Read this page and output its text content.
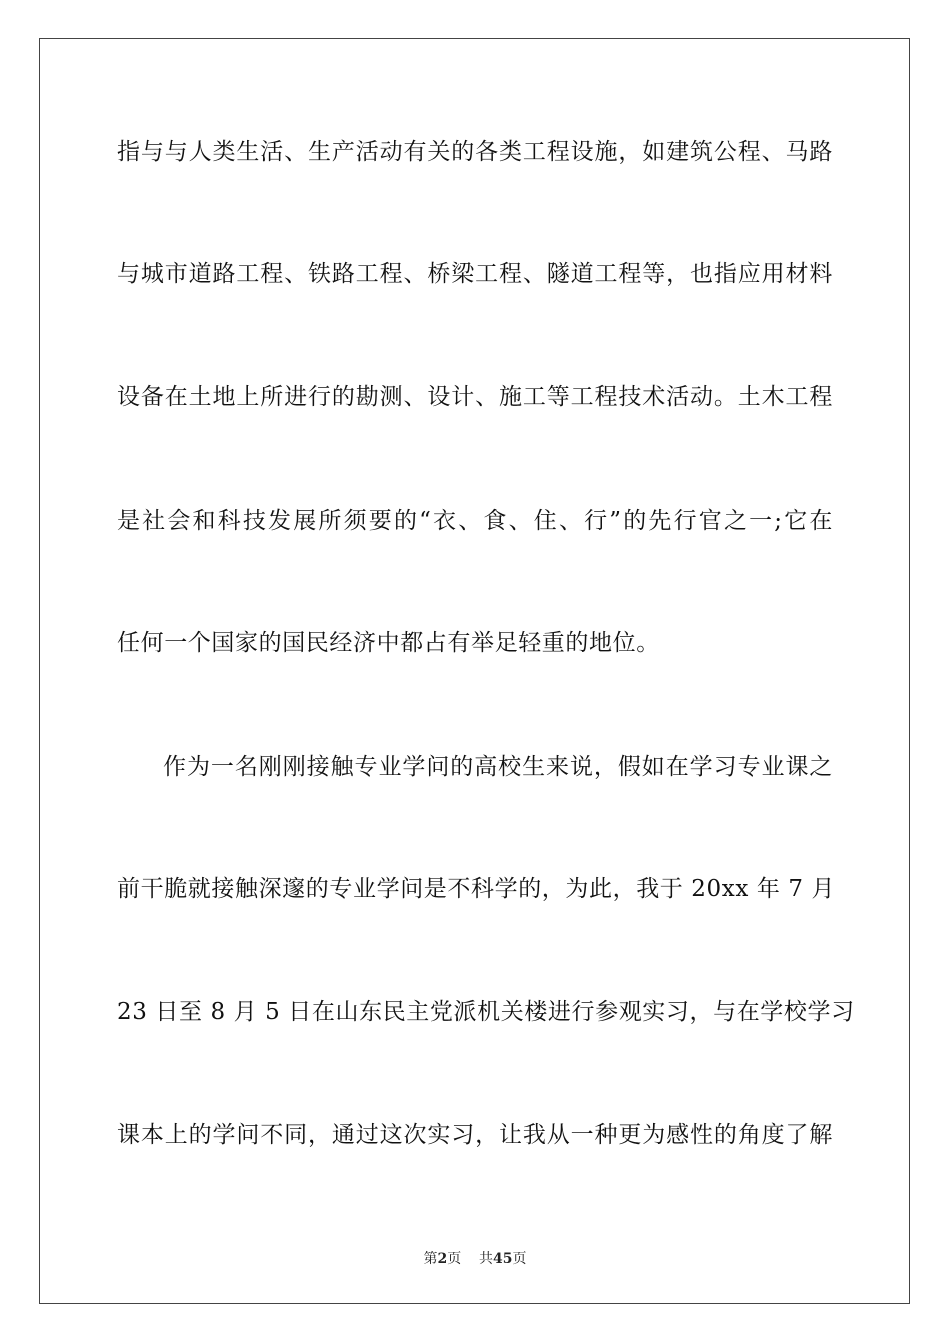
指与与人类生活、生产活动有关的各类工程设施，如建筑公程、马路
与城市道路工程、铁路工程、桥梁工程、隧道工程等，也指应用材料
设备在土地上所进行的勘测、设计、施工等工程技术活动。土木工程
是社会和科技发展所须要的“衣、食、住、行”的先行官之一;它在
任何一个国家的国民经济中都占有举足轻重的地位。
作为一名刚刚接触专业学问的高校生来说，假如在学习专业课之
前干脆就接触深邃的专业学问是不科学的，为此，我于 20xx 年 7 月
23 日至 8 月 5 日在山东民主党派机关楼进行参观实习，与在学校学习
课本上的学问不同，通过这次实习，让我从一种更为感性的角度了解
第2页 共45页
